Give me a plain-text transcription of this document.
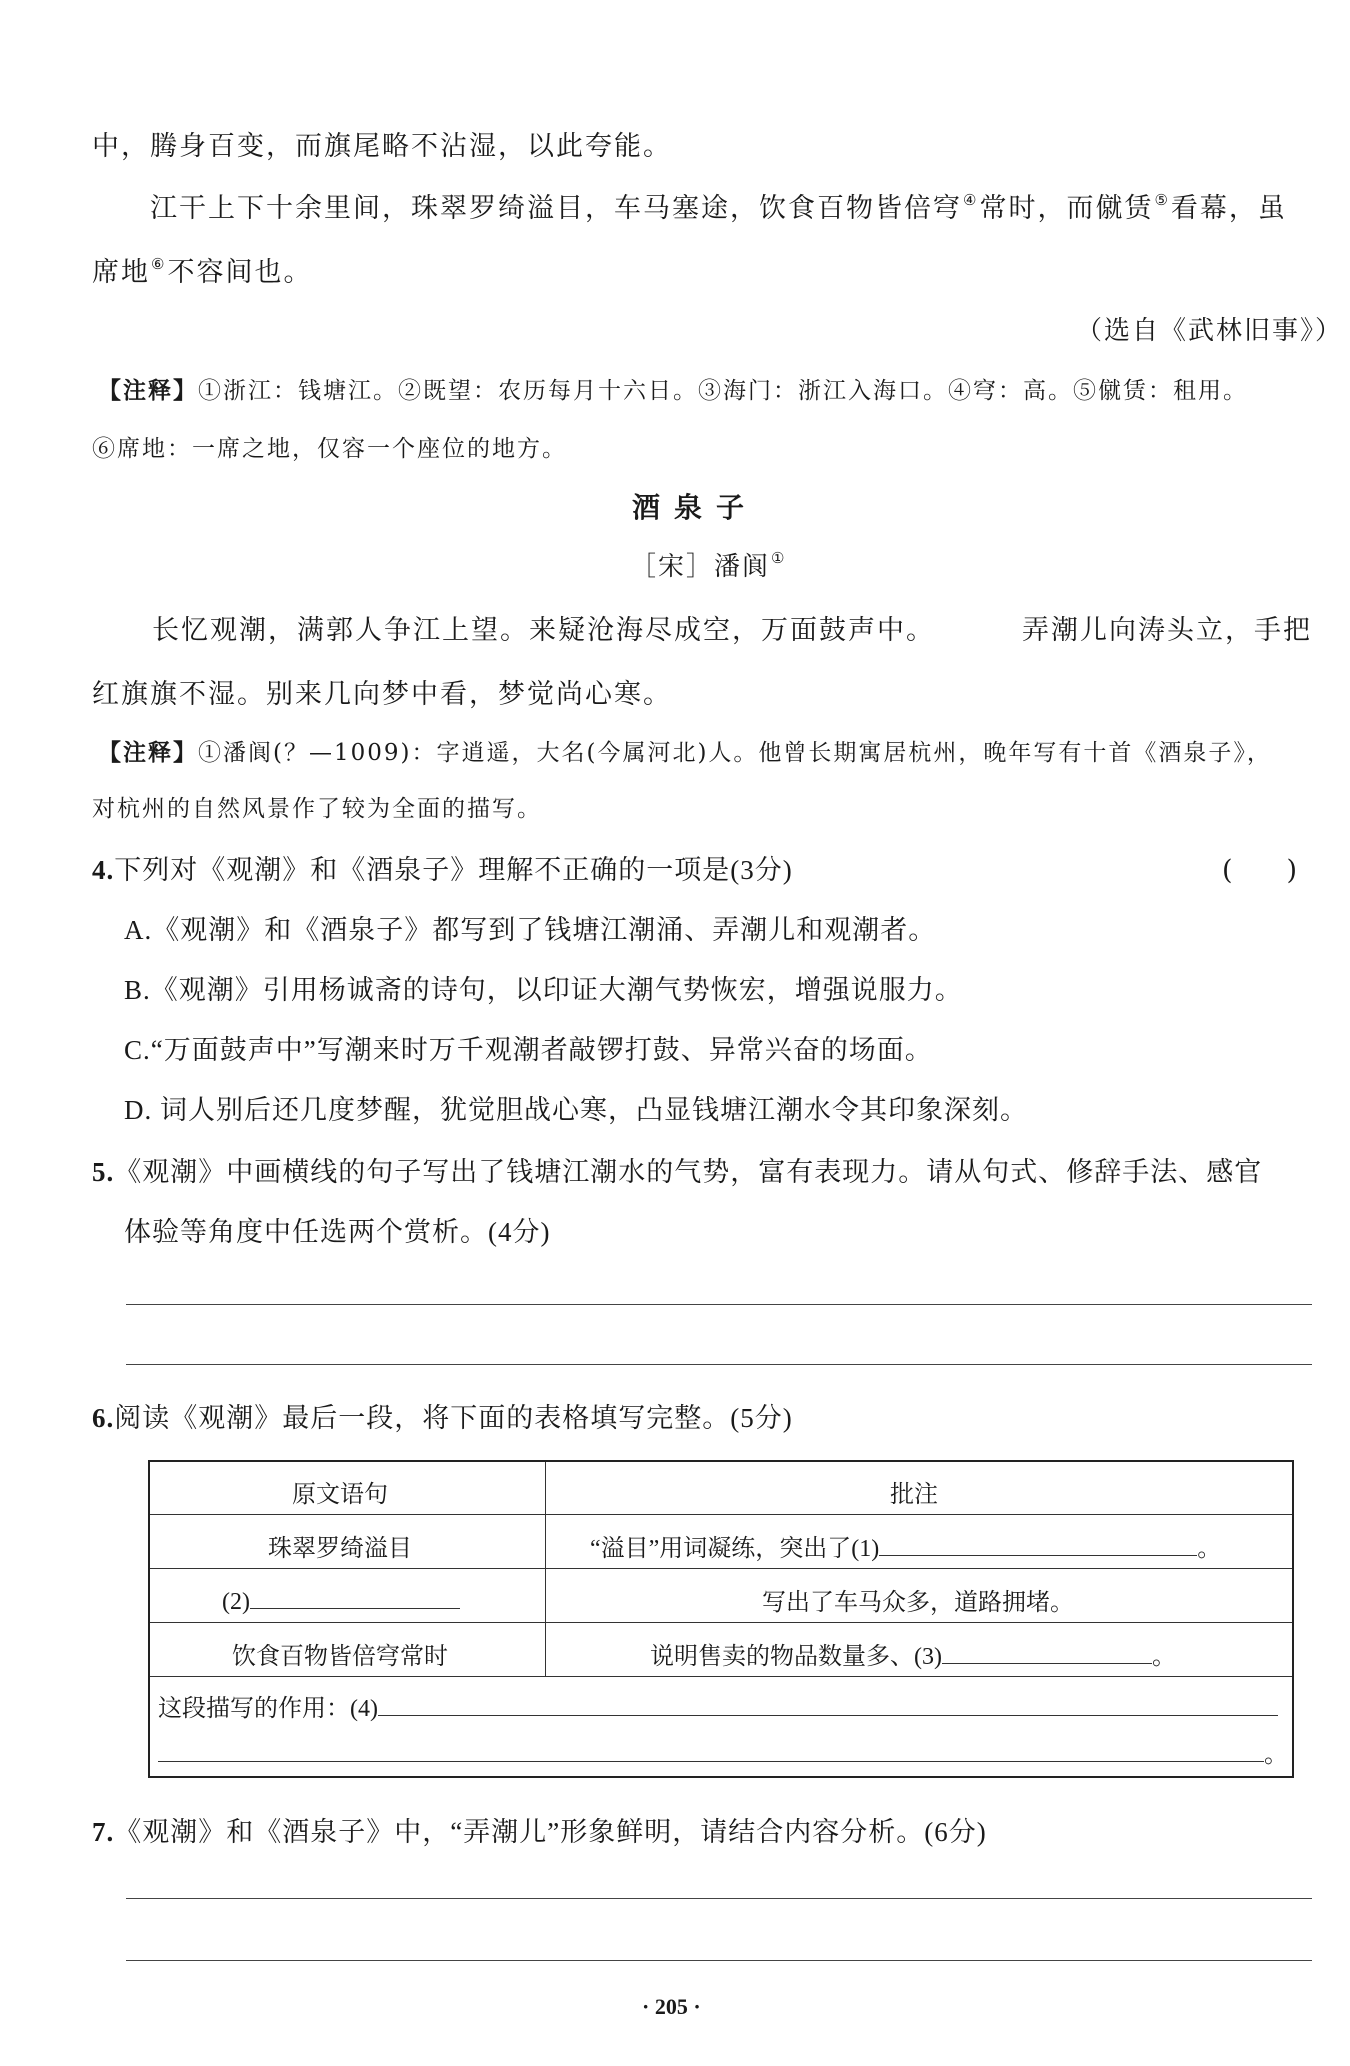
中，腾身百变，而旗尾略不沾湿，以此夸能。
江干上下十余里间，珠翠罗绮溢目，车马塞途，饮食百物皆倍穹④常时，而僦赁⑤看幕，虽
席地⑥不容间也。
（选自《武林旧事》）
【注释】①浙江：钱塘江。②既望：农历每月十六日。③海门：浙江入海口。④穹：高。⑤僦赁：租用。
⑥席地：一席之地，仅容一个座位的地方。
酒泉子
［宋］潘阆①
长忆观潮，满郭人争江上望。来疑沧海尽成空，万面鼓声中。	弄潮儿向涛头立，手把
红旗旗不湿。别来几向梦中看，梦觉尚心寒。
【注释】①潘阆(？—1009)：字逍遥，大名(今属河北)人。他曾长期寓居杭州，晚年写有十首《酒泉子》，
对杭州的自然风景作了较为全面的描写。
4.下列对《观潮》和《酒泉子》理解不正确的一项是(3分)	(　　)
A.《观潮》和《酒泉子》都写到了钱塘江潮涌、弄潮儿和观潮者。
B.《观潮》引用杨诚斋的诗句，以印证大潮气势恢宏，增强说服力。
C.“万面鼓声中”写潮来时万千观潮者敲锣打鼓、异常兴奋的场面。
D. 词人别后还几度梦醒，犹觉胆战心寒，凸显钱塘江潮水令其印象深刻。
5.《观潮》中画横线的句子写出了钱塘江潮水的气势，富有表现力。请从句式、修辞手法、感官
体验等角度中任选两个赏析。(4分)
6.阅读《观潮》最后一段，将下面的表格填写完整。(5分)
原文语句	批注
珠翠罗绮溢目	“溢目”用词凝练，突出了(1)	。
(2)	写出了车马众多，道路拥堵。
饮食百物皆倍穹常时	说明售卖的物品数量多、(3)	。
这段描写的作用：(4)
。
7.《观潮》和《酒泉子》中，“弄潮儿”形象鲜明，请结合内容分析。(6分)
· 205 ·
